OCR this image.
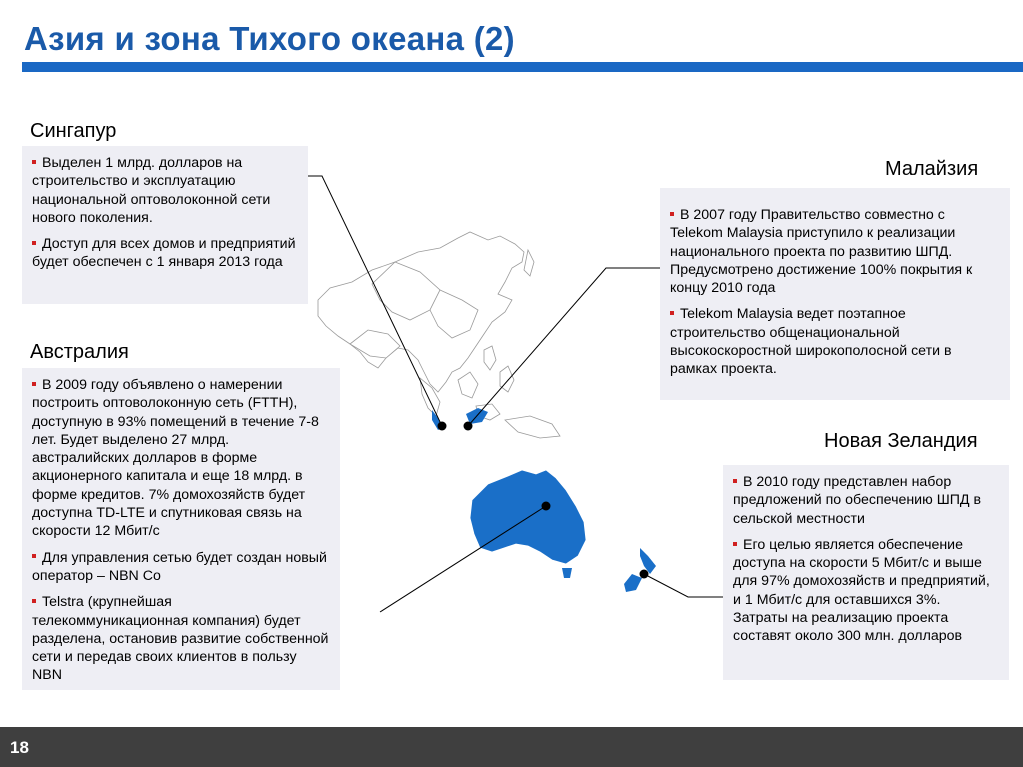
Азия и зона Тихого океана (2)
Сингапур

Выделен 1 млрд. долларов на строительство и эксплуатацию национальной оптоволоконной сети нового поколения.

Доступ для всех домов и предприятий будет обеспечен с 1 января 2013 года

Малайзия

В 2007 году Правительство совместно с Telekom Malaysia приступило к реализации национального проекта по развитию ШПД. Предусмотрено достижение 100% покрытия к концу 2010 года

Telekom Malaysia ведет поэтапное строительство общенациональной высокоскоростной широкополосной сети в рамках проекта.

Австралия

В 2009 году объявлено о намерении построить оптоволоконную сеть (FTTH), доступную в 93% помещений в течение 7-8 лет. Будет выделено 27 млрд. австралийских долларов в форме акционерного капитала и еще 18 млрд. в форме кредитов. 7% домохозяйств будет доступна TD-LTE и спутниковая связь на скорости 12 Мбит/с

Для управления сетью будет создан новый оператор – NBN Co

Telstra (крупнейшая телекоммуникационная компания) будет разделена, остановив развитие собственной сети и передав своих клиентов в пользу NBN

Новая Зеландия

В 2010 году представлен набор предложений по обеспечению ШПД в сельской местности

Его целью является обеспечение доступа на скорости 5 Мбит/с и выше для 97% домохозяйств и предприятий, и 1 Мбит/с для оставшихся 3%. Затраты на реализацию проекта составят около 300 млн. долларов

18
